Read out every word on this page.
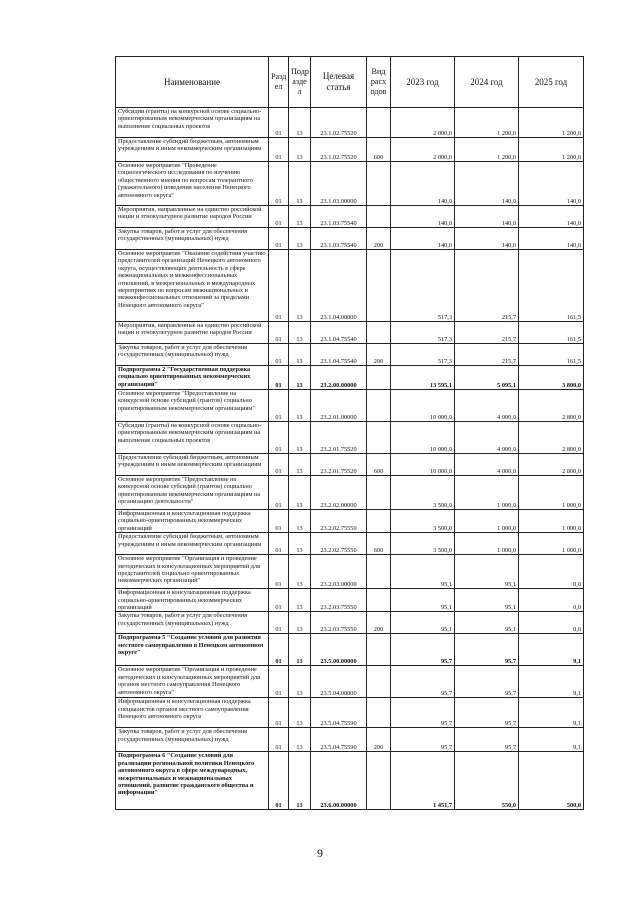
Наименование	Разд ел	Подр азде л	Целевая статья	Вид расх одов	2023 год	2024 год	2025 год
Субсидии (гранты) на конкурсной основе социально-ориентированным некоммерческим организациям на выполнение социальных проектов	01	13	23.1.02.75520		2 000,0	1 200,0	1 200,0
Предоставление субсидий бюджетным, автономным учреждениям и иным некоммерческим организациям	01	13	23.1.02.75520	600	2 000,0	1 200,0	1 200,0
Основное мероприятие "Проведение социологического исследования по изучению общественного мнения по вопросам толерантного (уважительного) поведения населения Ненецкого автономного округа"	01	13	23.1.03.00000		140,0	140,0	140,0
Мероприятия, направленные на единство российской нации и этнокультурное развитие народов России	01	13	23.1.03.75540		140,0	140,0	140,0
Закупка товаров, работ и услуг для обеспечения государственных (муниципальных) нужд	01	13	23.1.03.75540	200	140,0	140,0	140,0
Основное мероприятие "Оказание содействия участию представителей организаций Ненецкого автономного округа, осуществляющих деятельность в сфере межнациональных и межконфессиональных отношений, в межрегиональных и международных мероприятиях по вопросам межнациональных и межконфессиональных отношений за пределами Ненецкого автономного округа"	01	13	23.1.04.00000		517,3	215,7	161,5
Мероприятия, направленные на единство российской нации и этнокультурное развитие народов России	01	13	23.1.04.75540		517,3	215,7	161,5
Закупка товаров, работ и услуг для обеспечения государственных (муниципальных) нужд	01	13	23.1.04.75540	200	517,3	215,7	161,5
Подпрограмма 2 "Государственная поддержка социально ориентированных некоммерческих организаций"	01	13	23.2.00.00000		13 595,1	5 095,1	3 800,0
Основное мероприятие "Предоставление на конкурсной основе субсидий (грантов) социально ориентированным некоммерческим организациям"	01	13	23.2.01.00000		10 000,0	4 000,0	2 800,0
Субсидии (гранты) на конкурсной основе социально-ориентированным некоммерческим организациям на выполнение социальных проектов	01	13	23.2.01.75520		10 000,0	4 000,0	2 800,0
Предоставление субсидий бюджетным, автономным учреждениям и иным некоммерческим организациям	01	13	23.2.01.75520	600	10 000,0	4 000,0	2 800,0
Основное мероприятие "Предоставление на конкурсной основе субсидий (грантов) социально ориентированным некоммерческим организациям на организацию деятельности"	01	13	23.2.02.00000		3 500,0	1 000,0	1 000,0
Информационная и консультационная поддержка социально-ориентированных некоммерческих организаций	01	13	23.2.02.75550		3 500,0	1 000,0	1 000,0
Предоставление субсидий бюджетным, автономным учреждениям и иным некоммерческим организациям	01	13	23.2.02.75550	600	3 500,0	1 000,0	1 000,0
Основное мероприятие "Организация и проведение методических и консультационных мероприятий для представителей социально ориентированных некоммерческих организаций"	01	13	23.2.03.00000		95,1	95,1	0,0
Информационная и консультационная поддержка социально-ориентированных некоммерческих организаций	01	13	23.2.03.75550		95,1	95,1	0,0
Закупка товаров, работ и услуг для обеспечения государственных (муниципальных) нужд	01	13	23.2.03.75550	200	95,1	95,1	0,0
Подпрограмма 5 "Создание условий для развития местного самоуправления в Ненецком автономном округе"	01	13	23.5.00.00000		95,7	95,7	9,1
Основное мероприятие "Организация и проведение методических и консультационных мероприятий для органов местного самоуправления Ненецкого автономного округа"	01	13	23.5.04.00000		95,7	95,7	9,1
Информационная и консультационная поддержка специалистов органов местного самоуправления Ненецкого автономного округа	01	13	23.5.04.75590		95,7	95,7	9,1
Закупка товаров, работ и услуг для обеспечения государственных (муниципальных) нужд	01	13	23.5.04.75590	200	95,7	95,7	9,1
Подпрограмма 6 "Создание условий для реализации региональной политики Ненецкого автономного округа в сфере международных, межрегиональных и межнациональных отношений, развитие гражданского общества и информации"	01	13	23.6.00.00000		1 451,7	550,0	500,0
9
